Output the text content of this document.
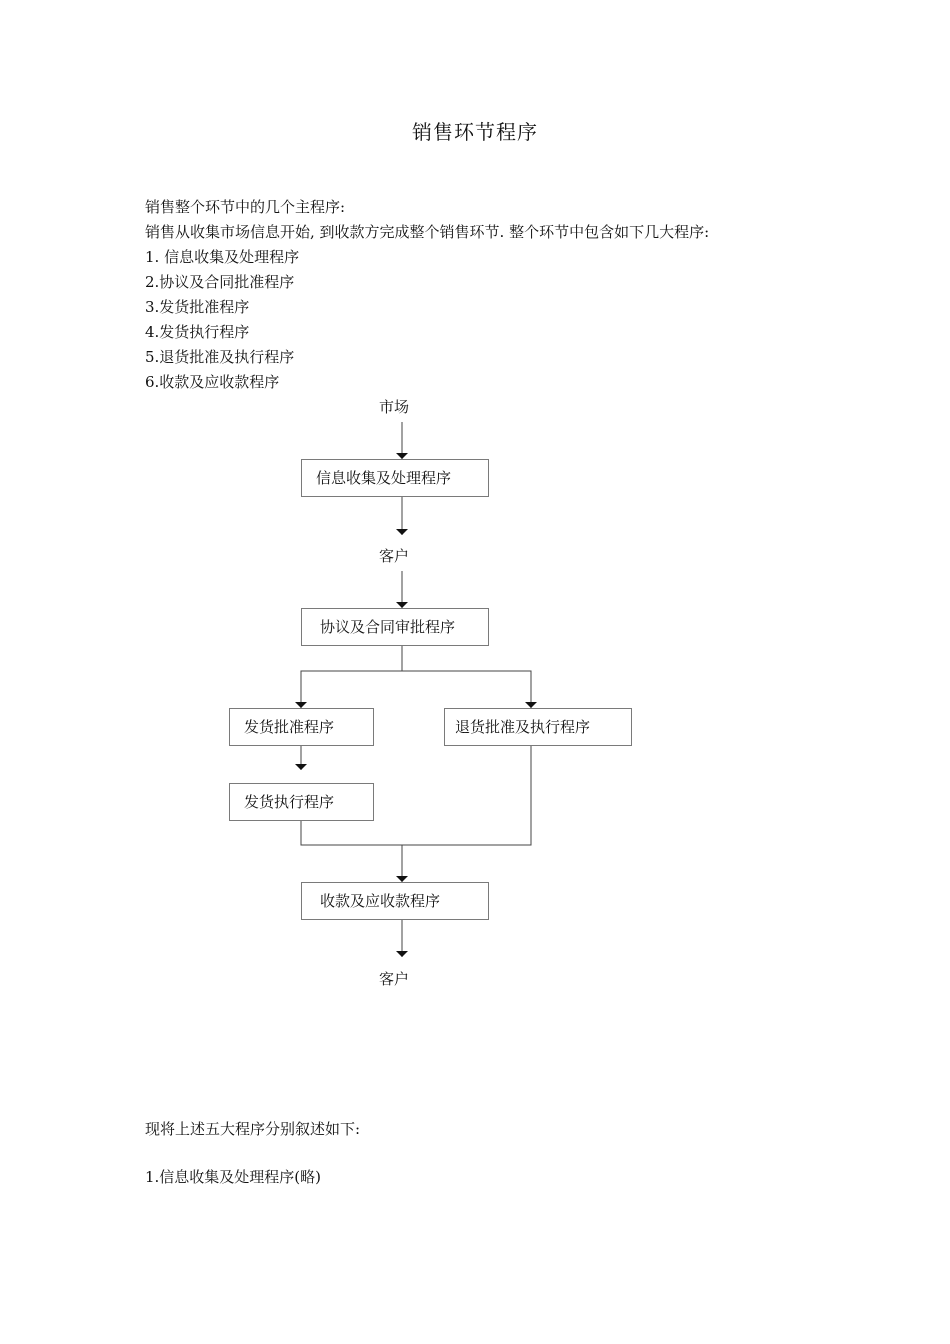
销售环节程序
销售整个环节中的几个主程序:
销售从收集市场信息开始, 到收款方完成整个销售环节. 整个环节中包含如下几大程序:
1. 信息收集及处理程序
2.协议及合同批准程序
3.发货批准程序
4.发货执行程序
5.退货批准及执行程序
6.收款及应收款程序
市场
信息收集及处理程序
客户
协议及合同审批程序
发货批准程序	退货批准及执行程序
发货执行程序
收款及应收款程序
客户
现将上述五大程序分别叙述如下:
1.信息收集及处理程序(略)
